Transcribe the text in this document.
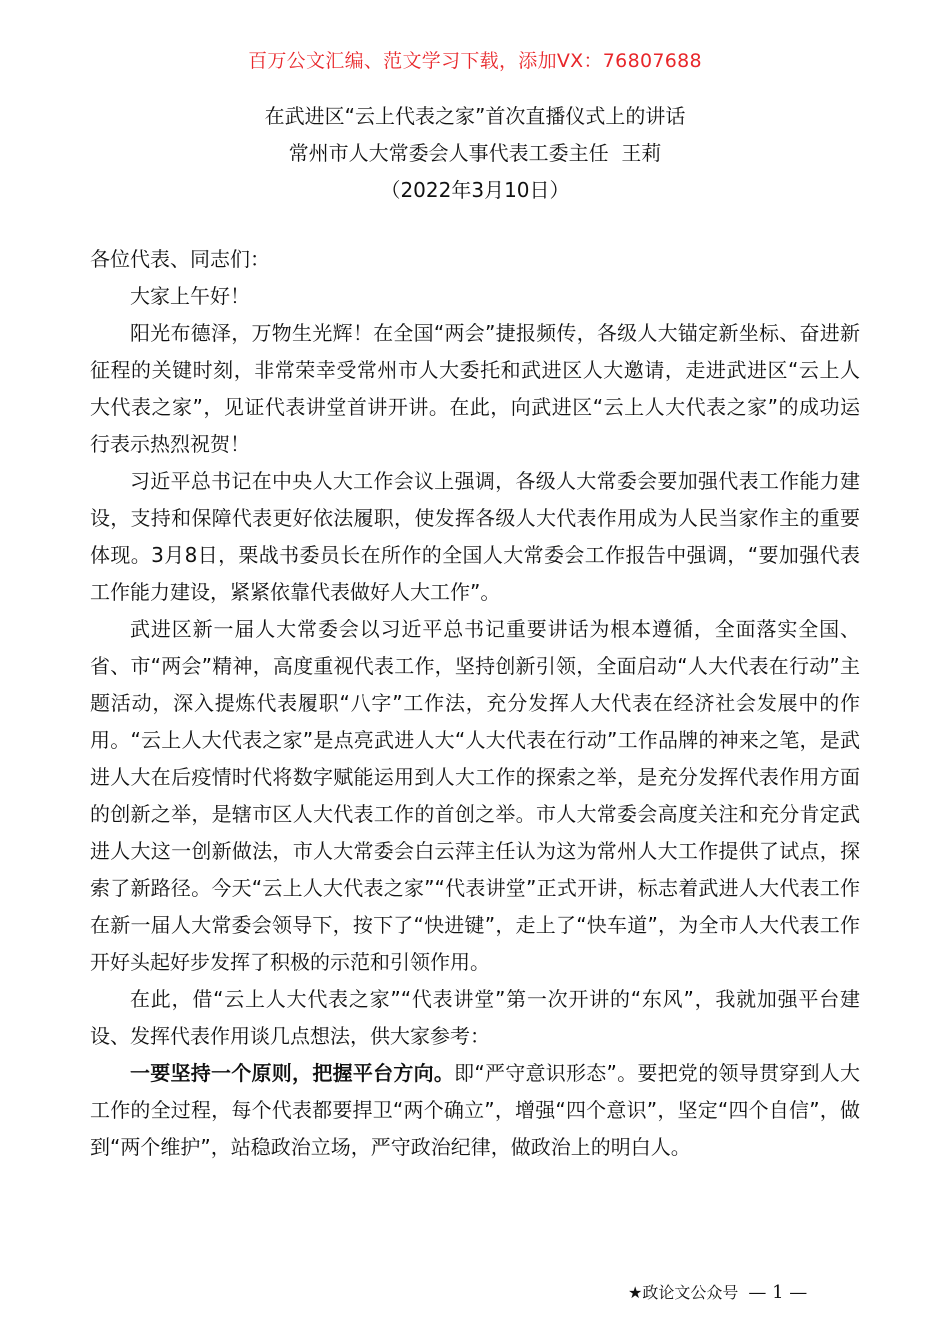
百万公文汇编、范文学习下载，添加VX：76807688
在武进区“云上代表之家”首次直播仪式上的讲话
常州市人大常委会人事代表工委主任  王莉
（2022年3月10日）

各位代表、同志们：

大家上午好！

阳光布德泽，万物生光辉！在全国“两会”捷报频传，各级人大锚定新坐标、奋进新征程的关键时刻，非常荣幸受常州市人大委托和武进区人大邀请，走进武进区“云上人大代表之家”，见证代表讲堂首讲开讲。在此，向武进区“云上人大代表之家”的成功运行表示热烈祝贺！

习近平总书记在中央人大工作会议上强调，各级人大常委会要加强代表工作能力建设，支持和保障代表更好依法履职，使发挥各级人大代表作用成为人民当家作主的重要体现。3月8日，栗战书委员长在所作的全国人大常委会工作报告中强调，“要加强代表工作能力建设，紧紧依靠代表做好人大工作”。

武进区新一届人大常委会以习近平总书记重要讲话为根本遵循，全面落实全国、省、市“两会”精神，高度重视代表工作，坚持创新引领，全面启动“人大代表在行动”主题活动，深入提炼代表履职“八字”工作法，充分发挥人大代表在经济社会发展中的作用。“云上人大代表之家”是点亮武进人大“人大代表在行动”工作品牌的神来之笔，是武进人大在后疫情时代将数字赋能运用到人大工作的探索之举，是充分发挥代表作用方面的创新之举，是辖市区人大代表工作的首创之举。市人大常委会高度关注和充分肯定武进人大这一创新做法，市人大常委会白云萍主任认为这为常州人大工作提供了试点，探索了新路径。今天“云上人大代表之家”“代表讲堂”正式开讲，标志着武进人大代表工作在新一届人大常委会领导下，按下了“快进键”，走上了“快车道”，为全市人大代表工作开好头起好步发挥了积极的示范和引领作用。

在此，借“云上人大代表之家”“代表讲堂”第一次开讲的“东风”，我就加强平台建设、发挥代表作用谈几点想法，供大家参考：

一要坚持一个原则，把握平台方向。即“严守意识形态”。要把党的领导贯穿到人大工作的全过程，每个代表都要捍卫“两个确立”，增强“四个意识”，坚定“四个自信”，做到“两个维护”，站稳政治立场，严守政治纪律，做政治上的明白人。

★政论文公众号 — 1 —
